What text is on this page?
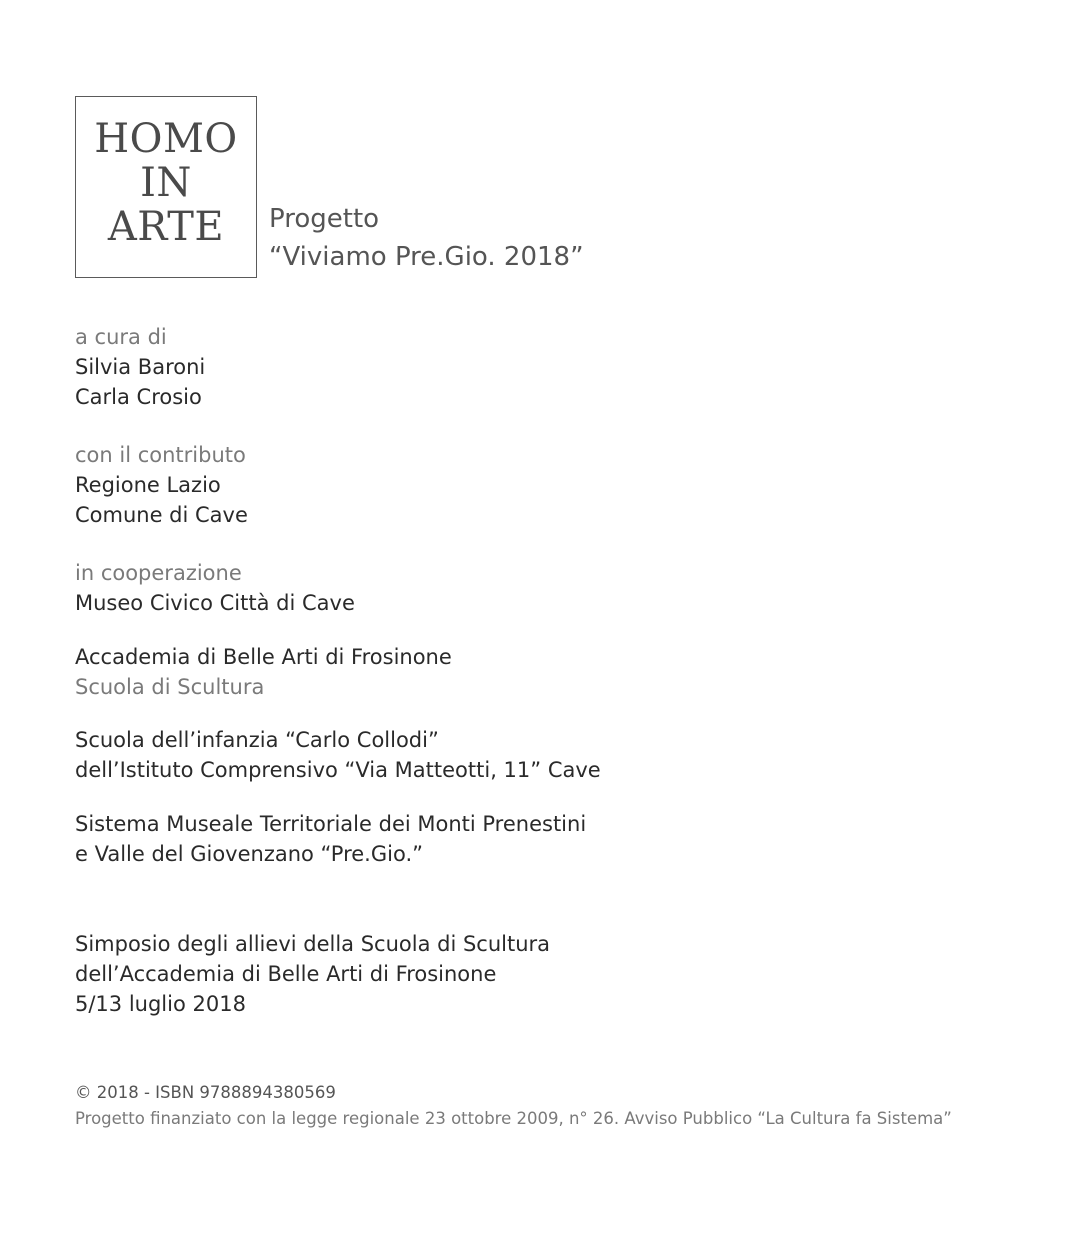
HOMO
IN
ARTE Progetto
“Viviamo Pre.Gio. 2018”
a cura di
Silvia Baroni
Carla Crosio
con il contributo
Regione Lazio
Comune di Cave
in cooperazione
Museo Civico Città di Cave
Accademia di Belle Arti di Frosinone
Scuola di Scultura
Scuola dell’infanzia “Carlo Collodi”
dell’Istituto Comprensivo “Via Matteotti, 11” Cave
Sistema Museale Territoriale dei Monti Prenestini
e Valle del Giovenzano “Pre.Gio.”
Simposio degli allievi della Scuola di Scultura
dell’Accademia di Belle Arti di Frosinone
5/13 luglio 2018
© 2018 - ISBN 9788894380569
Progetto finanziato con la legge regionale 23 ottobre 2009, n° 26. Avviso Pubblico “La Cultura fa Sistema”
